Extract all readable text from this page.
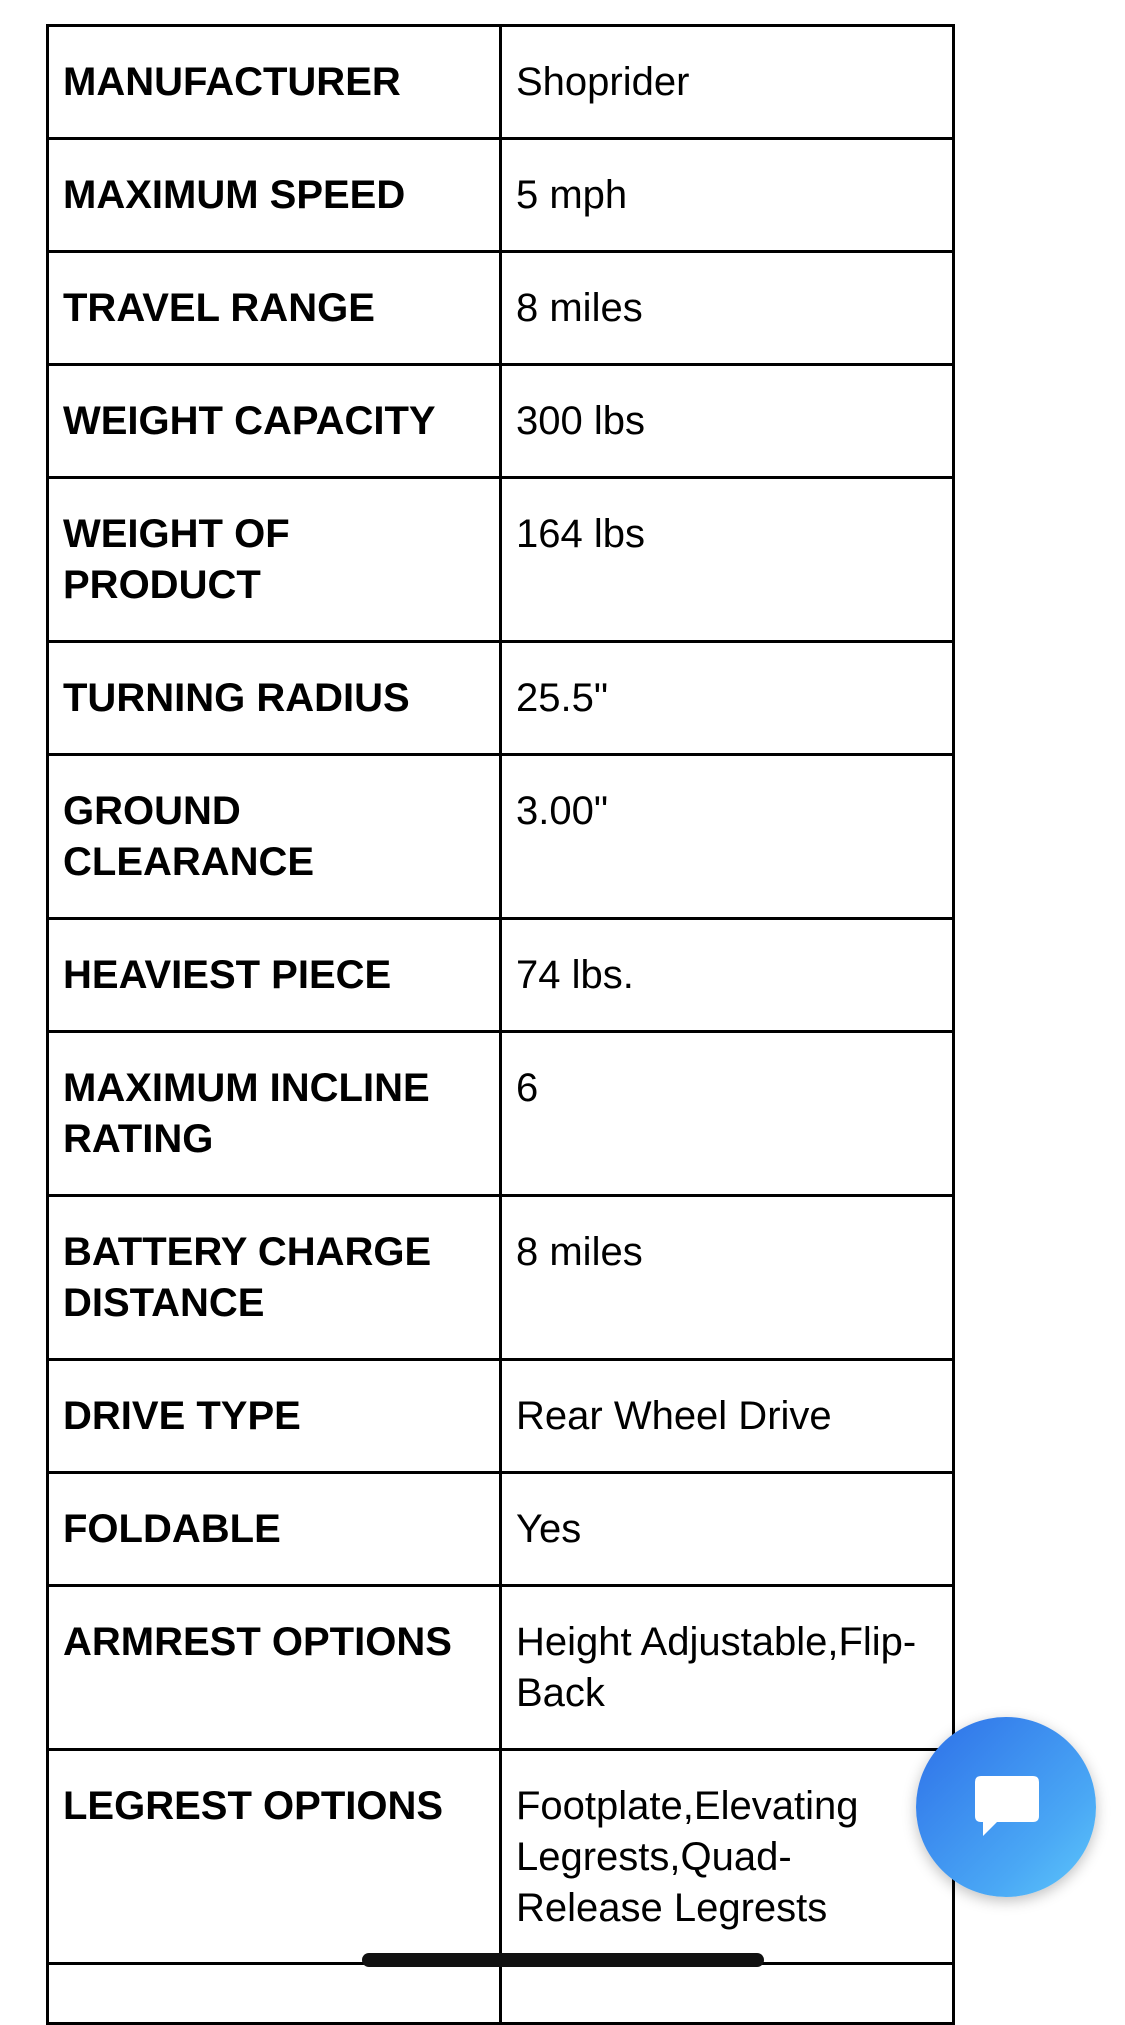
MANUFACTURER	Shoprider
MAXIMUM SPEED	5 mph
TRAVEL RANGE	8 miles
WEIGHT CAPACITY	300 lbs
WEIGHT OF PRODUCT	164 lbs
TURNING RADIUS	25.5"
GROUND CLEARANCE	3.00"
HEAVIEST PIECE	74 lbs.
MAXIMUM INCLINE RATING	6
BATTERY CHARGE DISTANCE	8 miles
DRIVE TYPE	Rear Wheel Drive
FOLDABLE	Yes
ARMREST OPTIONS	Height Adjustable,Flip-Back
LEGREST OPTIONS	Footplate,Elevating Legrests,Quad-Release Legrests
